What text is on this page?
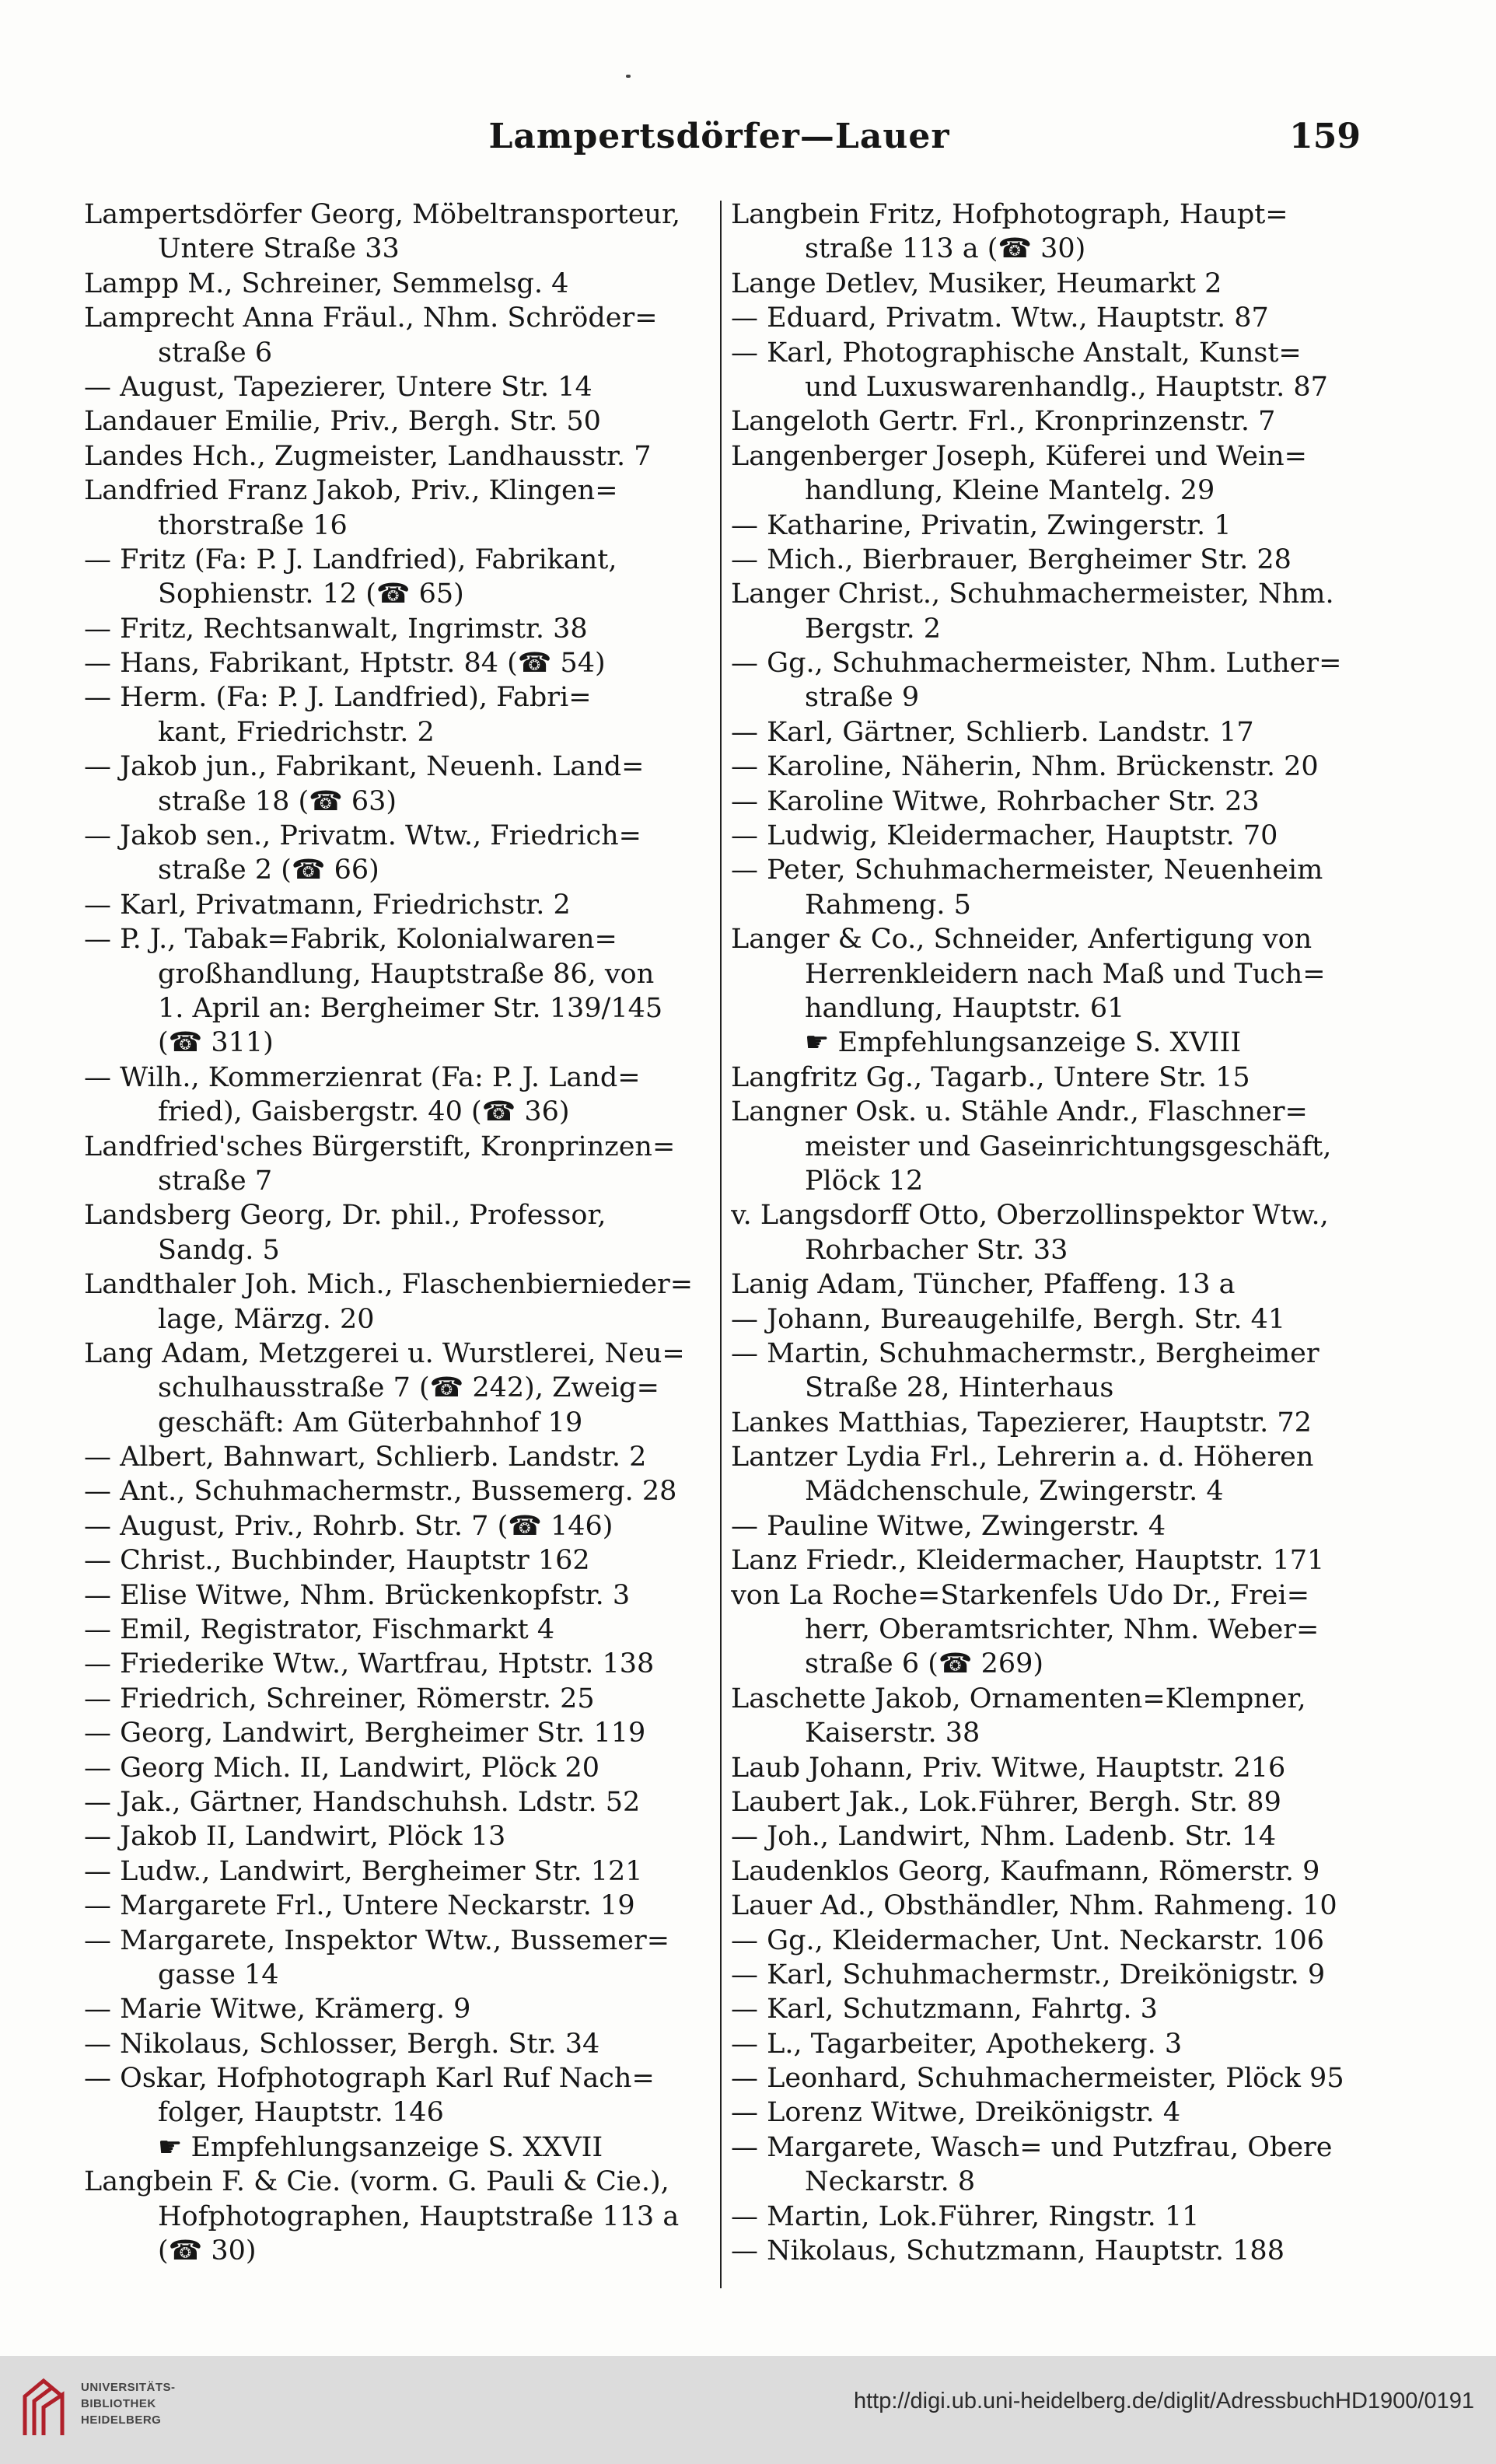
Lampertsdörfer—Lauer	159
Lampertsdörfer Georg, Möbeltransporteur,
Untere Straße 33
Lampp M., Schreiner, Semmelsg. 4
Lamprecht Anna Fräul., Nhm. Schröder=
straße 6
— August, Tapezierer, Untere Str. 14
Landauer Emilie, Priv., Bergh. Str. 50
Landes Hch., Zugmeister, Landhausstr. 7
Landfried Franz Jakob, Priv., Klingen=
thorstraße 16
— Fritz (Fa: P. J. Landfried), Fabrikant,
Sophienstr. 12 (☎ 65)
— Fritz, Rechtsanwalt, Ingrimstr. 38
— Hans, Fabrikant, Hptstr. 84 (☎ 54)
— Herm. (Fa: P. J. Landfried), Fabri=
kant, Friedrichstr. 2
— Jakob jun., Fabrikant, Neuenh. Land=
straße 18 (☎ 63)
— Jakob sen., Privatm. Wtw., Friedrich=
straße 2 (☎ 66)
— Karl, Privatmann, Friedrichstr. 2
— P. J., Tabak=Fabrik, Kolonialwaren=
großhandlung, Hauptstraße 86, von
1. April an: Bergheimer Str. 139/145
(☎ 311)
— Wilh., Kommerzienrat (Fa: P. J. Land=
fried), Gaisbergstr. 40 (☎ 36)
Landfried'sches Bürgerstift, Kronprinzen=
straße 7
Landsberg Georg, Dr. phil., Professor,
Sandg. 5
Landthaler Joh. Mich., Flaschenbiernieder=
lage, Märzg. 20
Lang Adam, Metzgerei u. Wurstlerei, Neu=
schulhausstraße 7 (☎ 242), Zweig=
geschäft: Am Güterbahnhof 19
— Albert, Bahnwart, Schlierb. Landstr. 2
— Ant., Schuhmachermstr., Bussemerg. 28
— August, Priv., Rohrb. Str. 7 (☎ 146)
— Christ., Buchbinder, Hauptstr 162
— Elise Witwe, Nhm. Brückenkopfstr. 3
— Emil, Registrator, Fischmarkt 4
— Friederike Wtw., Wartfrau, Hptstr. 138
— Friedrich, Schreiner, Römerstr. 25
— Georg, Landwirt, Bergheimer Str. 119
— Georg Mich. II, Landwirt, Plöck 20
— Jak., Gärtner, Handschuhsh. Ldstr. 52
— Jakob II, Landwirt, Plöck 13
— Ludw., Landwirt, Bergheimer Str. 121
— Margarete Frl., Untere Neckarstr. 19
— Margarete, Inspektor Wtw., Bussemer=
gasse 14
— Marie Witwe, Krämerg. 9
— Nikolaus, Schlosser, Bergh. Str. 34
— Oskar, Hofphotograph Karl Ruf Nach=
folger, Hauptstr. 146
☛ Empfehlungsanzeige S. XXVII
Langbein F. & Cie. (vorm. G. Pauli & Cie.),
Hofphotographen, Hauptstraße 113 a
(☎ 30)
Langbein Fritz, Hofphotograph, Haupt=
straße 113 a (☎ 30)
Lange Detlev, Musiker, Heumarkt 2
— Eduard, Privatm. Wtw., Hauptstr. 87
— Karl, Photographische Anstalt, Kunst=
und Luxuswarenhandlg., Hauptstr. 87
Langeloth Gertr. Frl., Kronprinzenstr. 7
Langenberger Joseph, Küferei und Wein=
handlung, Kleine Mantelg. 29
— Katharine, Privatin, Zwingerstr. 1
— Mich., Bierbrauer, Bergheimer Str. 28
Langer Christ., Schuhmachermeister, Nhm.
Bergstr. 2
— Gg., Schuhmachermeister, Nhm. Luther=
straße 9
— Karl, Gärtner, Schlierb. Landstr. 17
— Karoline, Näherin, Nhm. Brückenstr. 20
— Karoline Witwe, Rohrbacher Str. 23
— Ludwig, Kleidermacher, Hauptstr. 70
— Peter, Schuhmachermeister, Neuenheim
Rahmeng. 5
Langer & Co., Schneider, Anfertigung von
Herrenkleidern nach Maß und Tuch=
handlung, Hauptstr. 61
☛ Empfehlungsanzeige S. XVIII
Langfritz Gg., Tagarb., Untere Str. 15
Langner Osk. u. Stähle Andr., Flaschner=
meister und Gaseinrichtungsgeschäft,
Plöck 12
v. Langsdorff Otto, Oberzollinspektor Wtw.,
Rohrbacher Str. 33
Lanig Adam, Tüncher, Pfaffeng. 13 a
— Johann, Bureaugehilfe, Bergh. Str. 41
— Martin, Schuhmachermstr., Bergheimer
Straße 28, Hinterhaus
Lankes Matthias, Tapezierer, Hauptstr. 72
Lantzer Lydia Frl., Lehrerin a. d. Höheren
Mädchenschule, Zwingerstr. 4
— Pauline Witwe, Zwingerstr. 4
Lanz Friedr., Kleidermacher, Hauptstr. 171
von La Roche=Starkenfels Udo Dr., Frei=
herr, Oberamtsrichter, Nhm. Weber=
straße 6 (☎ 269)
Laschette Jakob, Ornamenten=Klempner,
Kaiserstr. 38
Laub Johann, Priv. Witwe, Hauptstr. 216
Laubert Jak., Lok.Führer, Bergh. Str. 89
— Joh., Landwirt, Nhm. Ladenb. Str. 14
Laudenklos Georg, Kaufmann, Römerstr. 9
Lauer Ad., Obsthändler, Nhm. Rahmeng. 10
— Gg., Kleidermacher, Unt. Neckarstr. 106
— Karl, Schuhmachermstr., Dreikönigstr. 9
— Karl, Schutzmann, Fahrtg. 3
— L., Tagarbeiter, Apothekerg. 3
— Leonhard, Schuhmachermeister, Plöck 95
— Lorenz Witwe, Dreikönigstr. 4
— Margarete, Wasch= und Putzfrau, Obere
Neckarstr. 8
— Martin, Lok.Führer, Ringstr. 11
— Nikolaus, Schutzmann, Hauptstr. 188
UNIVERSITÄTS-
BIBLIOTHEK
HEIDELBERG
http://digi.ub.uni-heidelberg.de/diglit/AdressbuchHD1900/0191
